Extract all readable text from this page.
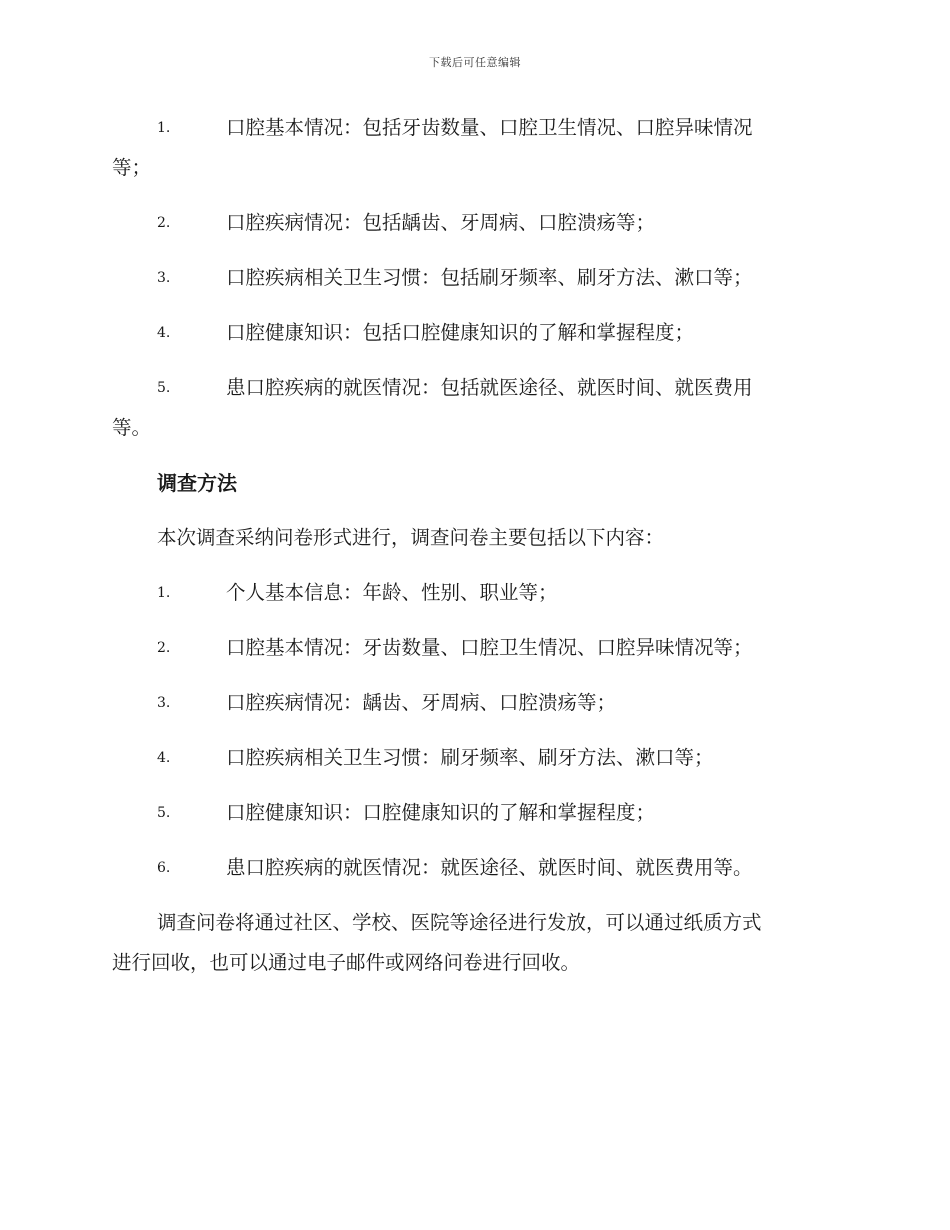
下载后可任意编辑
1.	口腔基本情况：包括牙齿数量、口腔卫生情况、口腔异味情况
等；
2.	口腔疾病情况：包括龋齿、牙周病、口腔溃疡等；
3.	口腔疾病相关卫生习惯：包括刷牙频率、刷牙方法、漱口等；
4.	口腔健康知识：包括口腔健康知识的了解和掌握程度；
5.	患口腔疾病的就医情况：包括就医途径、就医时间、就医费用
等。
调查方法
本次调查采纳问卷形式进行，调查问卷主要包括以下内容：
1.	个人基本信息：年龄、性别、职业等；
2.	口腔基本情况：牙齿数量、口腔卫生情况、口腔异味情况等；
3.	口腔疾病情况：龋齿、牙周病、口腔溃疡等；
4.	口腔疾病相关卫生习惯：刷牙频率、刷牙方法、漱口等；
5.	口腔健康知识：口腔健康知识的了解和掌握程度；
6.	患口腔疾病的就医情况：就医途径、就医时间、就医费用等。
调查问卷将通过社区、学校、医院等途径进行发放，可以通过纸质方式
进行回收，也可以通过电子邮件或网络问卷进行回收。
